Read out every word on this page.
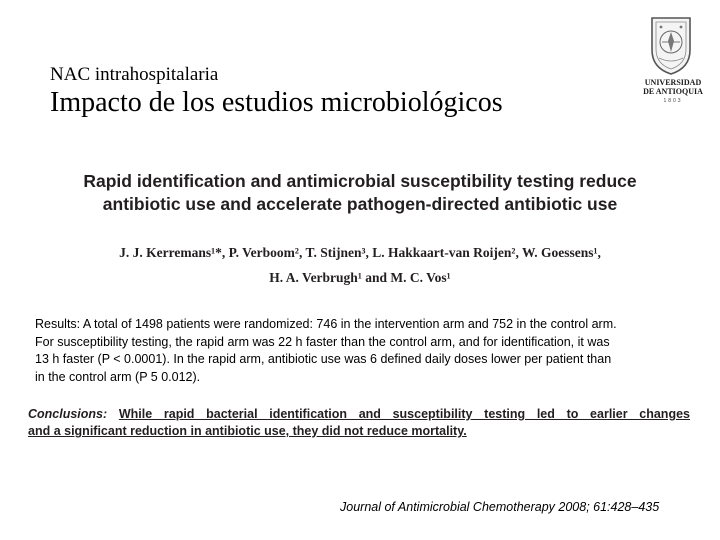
NAC intrahospitalaria
Impacto de los estudios microbiológicos
UNIVERSIDAD
DE ANTIOQUIA
1803
Rapid identification and antimicrobial susceptibility testing reduce
antibiotic use and accelerate pathogen-directed antibiotic use
J. J. Kerremans¹*, P. Verboom², T. Stijnen³, L. Hakkaart-van Roijen², W. Goessens¹,
H. A. Verbrugh¹ and M. C. Vos¹
Results: A total of 1498 patients were randomized: 746 in the intervention arm and 752 in the control arm.
For susceptibility testing, the rapid arm was 22 h faster than the control arm, and for identification, it was
13 h faster (P < 0.0001). In the rapid arm, antibiotic use was 6 defined daily doses lower per patient than
in the control arm (P 5 0.012).
Conclusions: While rapid bacterial identification and susceptibility testing led to earlier changes
and a significant reduction in antibiotic use, they did not reduce mortality.
Journal of Antimicrobial Chemotherapy 2008; 61:428–435
